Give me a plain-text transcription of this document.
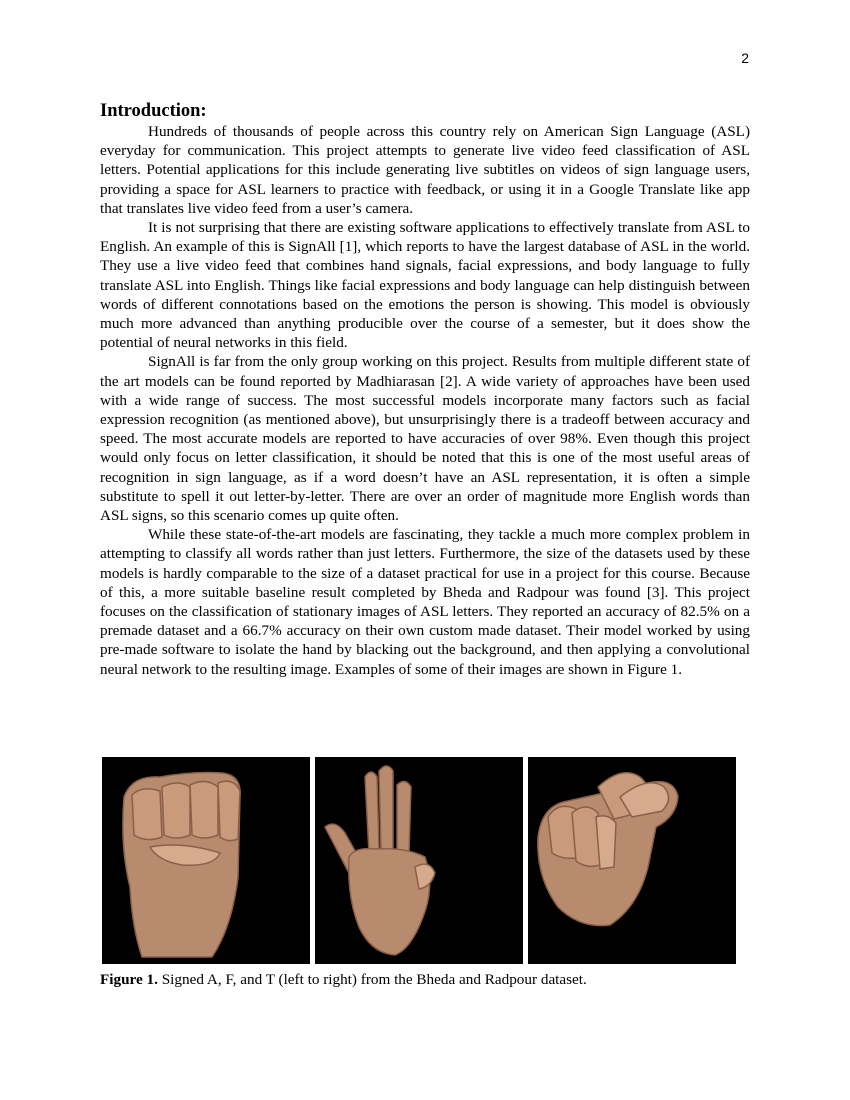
2
Introduction:

Hundreds of thousands of people across this country rely on American Sign Language (ASL) everyday for communication. This project attempts to generate live video feed classification of ASL letters. Potential applications for this include generating live subtitles on videos of sign language users, providing a space for ASL learners to practice with feedback, or using it in a Google Translate like app that translates live video feed from a user’s camera.

It is not surprising that there are existing software applications to effectively translate from ASL to English. An example of this is SignAll [1], which reports to have the largest database of ASL in the world. They use a live video feed that combines hand signals, facial expressions, and body language to fully translate ASL into English. Things like facial expressions and body language can help distinguish between words of different connotations based on the emotions the person is showing. This model is obviously much more advanced than anything producible over the course of a semester, but it does show the potential of neural networks in this field.

SignAll is far from the only group working on this project. Results from multiple different state of the art models can be found reported by Madhiarasan [2]. A wide variety of approaches have been used with a wide range of success. The most successful models incorporate many factors such as facial expression recognition (as mentioned above), but unsurprisingly there is a tradeoff between accuracy and speed. The most accurate models are reported to have accuracies of over 98%. Even though this project would only focus on letter classification, it should be noted that this is one of the most useful areas of recognition in sign language, as if a word doesn’t have an ASL representation, it is often a simple substitute to spell it out letter-by-letter. There are over an order of magnitude more English words than ASL signs, so this scenario comes up quite often.

While these state-of-the-art models are fascinating, they tackle a much more complex problem in attempting to classify all words rather than just letters. Furthermore, the size of the datasets used by these models is hardly comparable to the size of a dataset practical for use in a project for this course. Because of this, a more suitable baseline result completed by Bheda and Radpour was found [3]. This project focuses on the classification of stationary images of ASL letters. They reported an accuracy of 82.5% on a premade dataset and a 66.7% accuracy on their own custom made dataset. Their model worked by using pre-made software to isolate the hand by blacking out the background, and then applying a convolutional neural network to the resulting image. Examples of some of their images are shown in Figure 1.

Figure 1. Signed A, F, and T (left to right) from the Bheda and Radpour dataset.
